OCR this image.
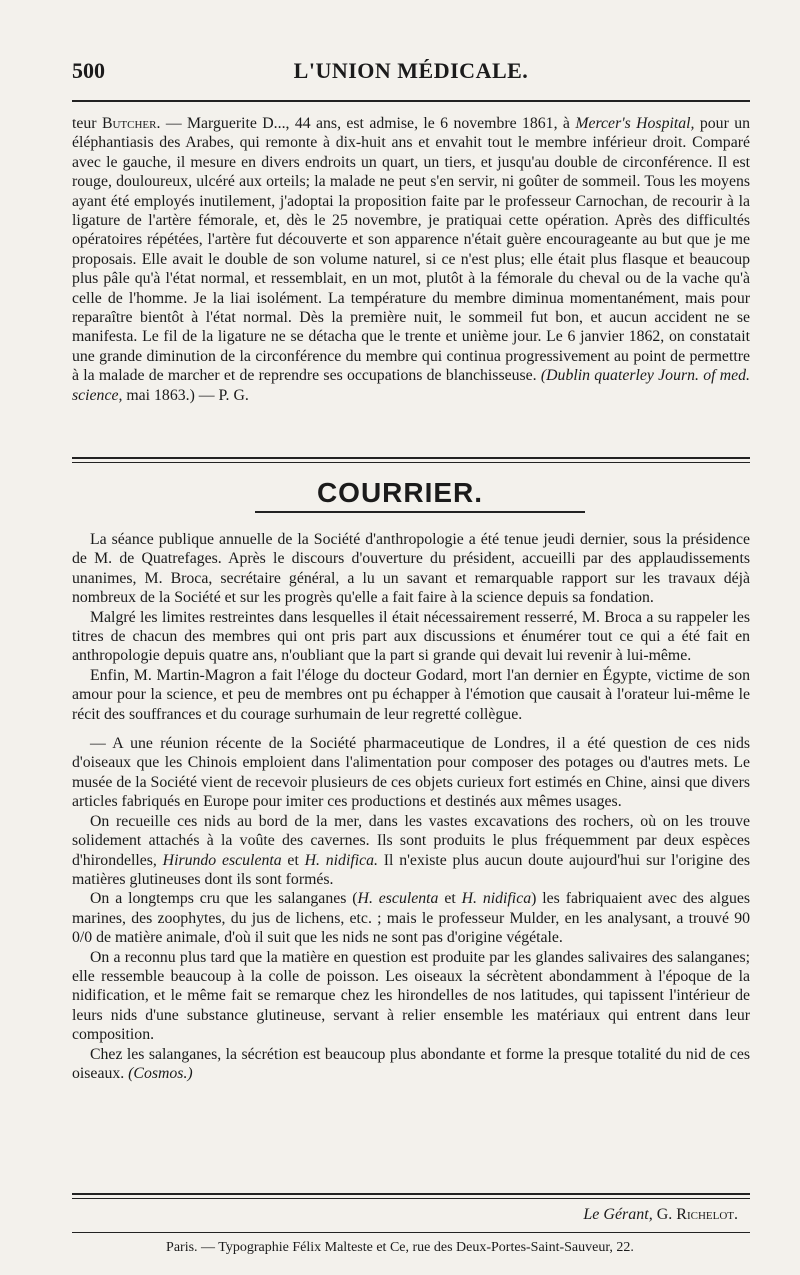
500	L'UNION MÉDICALE.

teur Butcher. — Marguerite D..., 44 ans, est admise, le 6 novembre 1861, à Mercer's Hospital, pour un éléphantiasis des Arabes, qui remonte à dix-huit ans et envahit tout le membre inférieur droit. Comparé avec le gauche, il mesure en divers endroits un quart, un tiers, et jusqu'au double de circonférence. Il est rouge, douloureux, ulcéré aux orteils; la malade ne peut s'en servir, ni goûter de sommeil. Tous les moyens ayant été employés inutilement, j'adoptai la proposition faite par le professeur Carnochan, de recourir à la ligature de l'artère fémorale, et, dès le 25 novembre, je pratiquai cette opération. Après des difficultés opératoires répétées, l'artère fut découverte et son apparence n'était guère encourageante au but que je me proposais. Elle avait le double de son volume naturel, si ce n'est plus; elle était plus flasque et beaucoup plus pâle qu'à l'état normal, et ressemblait, en un mot, plutôt à la fémorale du cheval ou de la vache qu'à celle de l'homme. Je la liai isolément. La température du membre diminua momentanément, mais pour reparaître bientôt à l'état normal. Dès la première nuit, le sommeil fut bon, et aucun accident ne se manifesta. Le fil de la ligature ne se détacha que le trente et unième jour. Le 6 janvier 1862, on constatait une grande diminution de la circonférence du membre qui continua progressivement au point de permettre à la malade de marcher et de reprendre ses occupations de blanchisseuse. (Dublin quaterley Journ. of med. science, mai 1863.) — P. G.

COURRIER.

La séance publique annuelle de la Société d'anthropologie a été tenue jeudi dernier, sous la présidence de M. de Quatrefages. Après le discours d'ouverture du président, accueilli par des applaudissements unanimes, M. Broca, secrétaire général, a lu un savant et remarquable rapport sur les travaux déjà nombreux de la Société et sur les progrès qu'elle a fait faire à la science depuis sa fondation.

Malgré les limites restreintes dans lesquelles il était nécessairement resserré, M. Broca a su rappeler les titres de chacun des membres qui ont pris part aux discussions et énumérer tout ce qui a été fait en anthropologie depuis quatre ans, n'oubliant que la part si grande qui devait lui revenir à lui-même.

Enfin, M. Martin-Magron a fait l'éloge du docteur Godard, mort l'an dernier en Égypte, victime de son amour pour la science, et peu de membres ont pu échapper à l'émotion que causait à l'orateur lui-même le récit des souffrances et du courage surhumain de leur regretté collègue.

— A une réunion récente de la Société pharmaceutique de Londres, il a été question de ces nids d'oiseaux que les Chinois emploient dans l'alimentation pour composer des potages ou d'autres mets. Le musée de la Société vient de recevoir plusieurs de ces objets curieux fort estimés en Chine, ainsi que divers articles fabriqués en Europe pour imiter ces productions et destinés aux mêmes usages.

On recueille ces nids au bord de la mer, dans les vastes excavations des rochers, où on les trouve solidement attachés à la voûte des cavernes. Ils sont produits le plus fréquemment par deux espèces d'hirondelles, Hirundo esculenta et H. nidifica. Il n'existe plus aucun doute aujourd'hui sur l'origine des matières glutineuses dont ils sont formés.

On a longtemps cru que les salanganes (H. esculenta et H. nidifica) les fabriquaient avec des algues marines, des zoophytes, du jus de lichens, etc. ; mais le professeur Mulder, en les analysant, a trouvé 90 0/0 de matière animale, d'où il suit que les nids ne sont pas d'origine végétale.

On a reconnu plus tard que la matière en question est produite par les glandes salivaires des salanganes; elle ressemble beaucoup à la colle de poisson. Les oiseaux la sécrètent abondamment à l'époque de la nidification, et le même fait se remarque chez les hirondelles de nos latitudes, qui tapissent l'intérieur de leurs nids d'une substance glutineuse, servant à relier ensemble les matériaux qui entrent dans leur composition.

Chez les salanganes, la sécrétion est beaucoup plus abondante et forme la presque totalité du nid de ces oiseaux. (Cosmos.)

Le Gérant, G. Richelot.
Paris. — Typographie Félix Malteste et Ce, rue des Deux-Portes-Saint-Sauveur, 22.
